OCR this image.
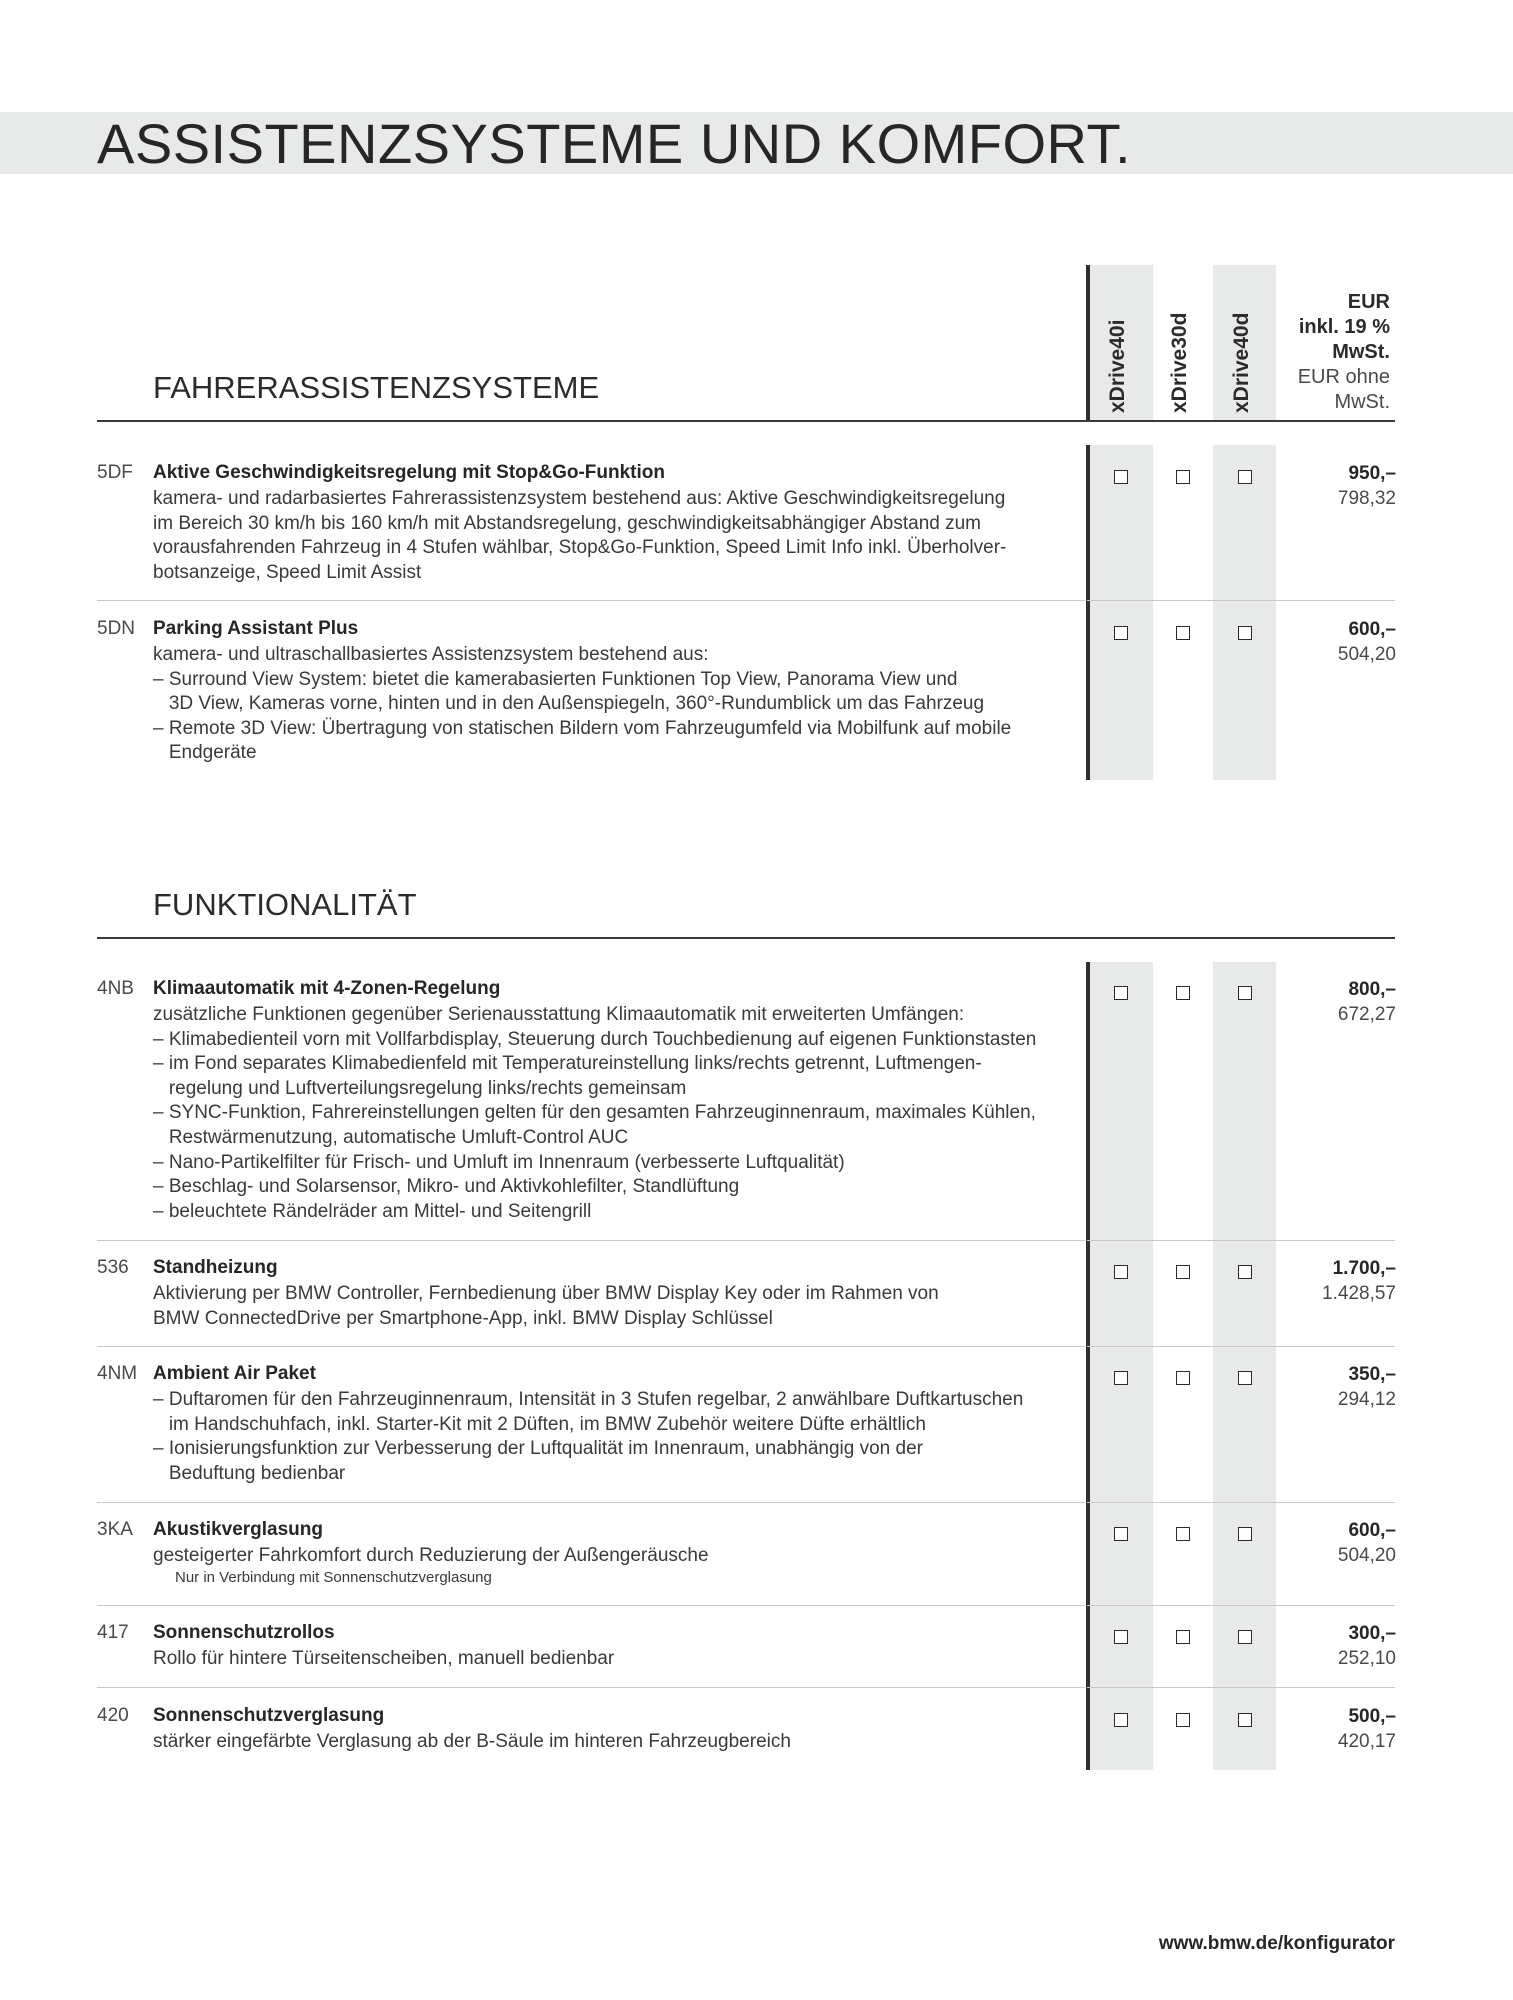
ASSISTENZSYSTEME UND KOMFORT.
xDrive40i	xDrive30d	xDrive40d
EUR
inkl. 19 %
MwSt.
EUR ohne
MwSt.
FAHRERASSISTENZSYSTEME
5DF Aktive Geschwindigkeitsregelung mit Stop&Go-Funktion
kamera- und radarbasiertes Fahrerassistenzsystem bestehend aus: Aktive Geschwindigkeitsregelung
im Bereich 30 km/h bis 160 km/h mit Abstandsregelung, geschwindigkeitsabhängiger Abstand zum
vorausfahrenden Fahrzeug in 4 Stufen wählbar, Stop&Go-Funktion, Speed Limit Info inkl. Überholver-
botsanzeige, Speed Limit Assist
950,–
798,32
5DN Parking Assistant Plus
kamera- und ultraschallbasiertes Assistenzsystem bestehend aus:
– Surround View System: bietet die kamerabasierten Funktionen Top View, Panorama View und
3D View, Kameras vorne, hinten und in den Außenspiegeln, 360°-Rundumblick um das Fahrzeug
– Remote 3D View: Übertragung von statischen Bildern vom Fahrzeugumfeld via Mobilfunk auf mobile
Endgeräte
600,–
504,20
FUNKTIONALITÄT
4NB Klimaautomatik mit 4-Zonen-Regelung
zusätzliche Funktionen gegenüber Serienausstattung Klimaautomatik mit erweiterten Umfängen:
– Klimabedienteil vorn mit Vollfarbdisplay, Steuerung durch Touchbedienung auf eigenen Funktionstasten
– im Fond separates Klimabedienfeld mit Temperatureinstellung links/rechts getrennt, Luftmengen-
regelung und Luftverteilungsregelung links/rechts gemeinsam
– SYNC-Funktion, Fahrereinstellungen gelten für den gesamten Fahrzeuginnenraum, maximales Kühlen,
Restwärmenutzung, automatische Umluft-Control AUC
– Nano-Partikelfilter für Frisch- und Umluft im Innenraum (verbesserte Luftqualität)
– Beschlag- und Solarsensor, Mikro- und Aktivkohlefilter, Standlüftung
– beleuchtete Rändelräder am Mittel- und Seitengrill
800,–
672,27
536 Standheizung
Aktivierung per BMW Controller, Fernbedienung über BMW Display Key oder im Rahmen von
BMW ConnectedDrive per Smartphone-App, inkl. BMW Display Schlüssel
1.700,–
1.428,57
4NM Ambient Air Paket
– Duftaromen für den Fahrzeuginnenraum, Intensität in 3 Stufen regelbar, 2 anwählbare Duftkartuschen
im Handschuhfach, inkl. Starter-Kit mit 2 Düften, im BMW Zubehör weitere Düfte erhältlich
– Ionisierungsfunktion zur Verbesserung der Luftqualität im Innenraum, unabhängig von der
Beduftung bedienbar
350,–
294,12
3KA Akustikverglasung
gesteigerter Fahrkomfort durch Reduzierung der Außengeräusche
Nur in Verbindung mit Sonnenschutzverglasung
600,–
504,20
417 Sonnenschutzrollos
Rollo für hintere Türseitenscheiben, manuell bedienbar
300,–
252,10
420 Sonnenschutzverglasung
stärker eingefärbte Verglasung ab der B-Säule im hinteren Fahrzeugbereich
500,–
420,17
www.bmw.de/konfigurator
